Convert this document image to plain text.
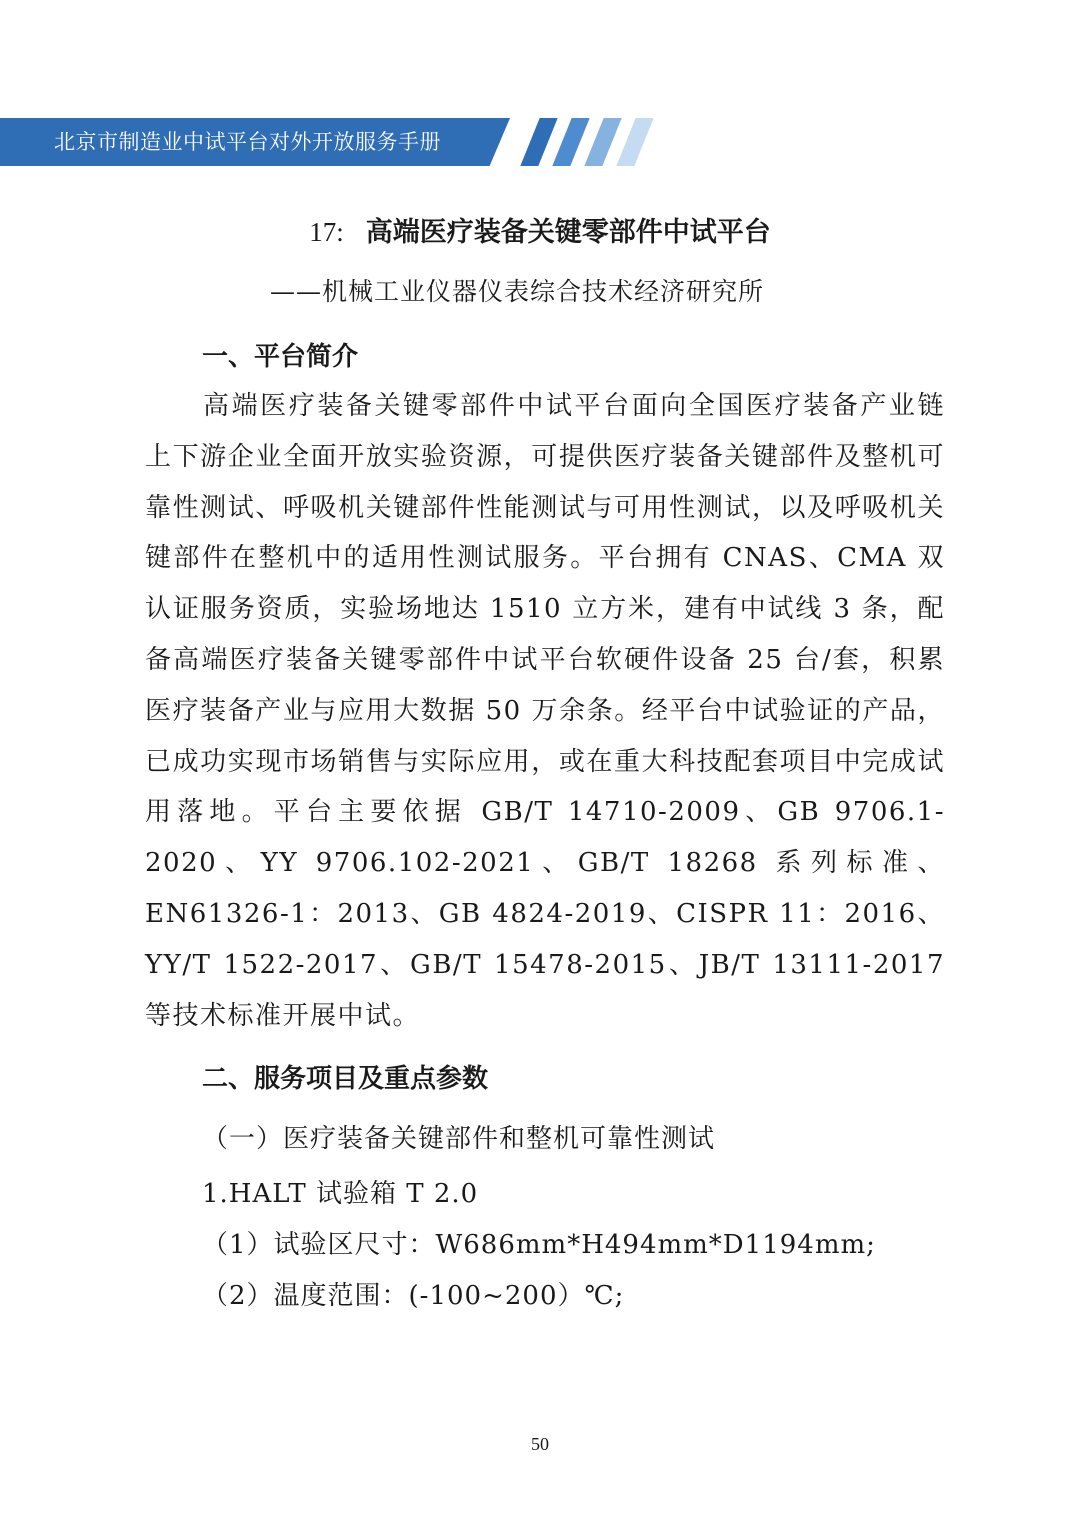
北京市制造业中试平台对外开放服务手册
17: 高端医疗装备关键零部件中试平台
——机械工业仪器仪表综合技术经济研究所
一、平台简介
高端医疗装备关键零部件中试平台面向全国医疗装备产业链上下游企业全面开放实验资源，可提供医疗装备关键部件及整机可靠性测试、呼吸机关键部件性能测试与可用性测试，以及呼吸机关键部件在整机中的适用性测试服务。平台拥有 CNAS、CMA 双认证服务资质，实验场地达 1510 立方米，建有中试线 3 条，配备高端医疗装备关键零部件中试平台软硬件设备 25 台/套，积累医疗装备产业与应用大数据 50 万余条。经平台中试验证的产品，已成功实现市场销售与实际应用，或在重大科技配套项目中完成试用落地。平台主要依据 GB/T 14710-2009、GB 9706.1-2020、YY 9706.102-2021、GB/T 18268 系列标准、EN61326-1：2013、GB 4824-2019、CISPR 11：2016、YY/T 1522-2017、GB/T 15478-2015、JB/T 13111-2017 等技术标准开展中试。
二、服务项目及重点参数
（一）医疗装备关键部件和整机可靠性测试
1.HALT 试验箱 T 2.0
（1）试验区尺寸：W686mm*H494mm*D1194mm;
（2）温度范围：(-100~200）℃;
50
